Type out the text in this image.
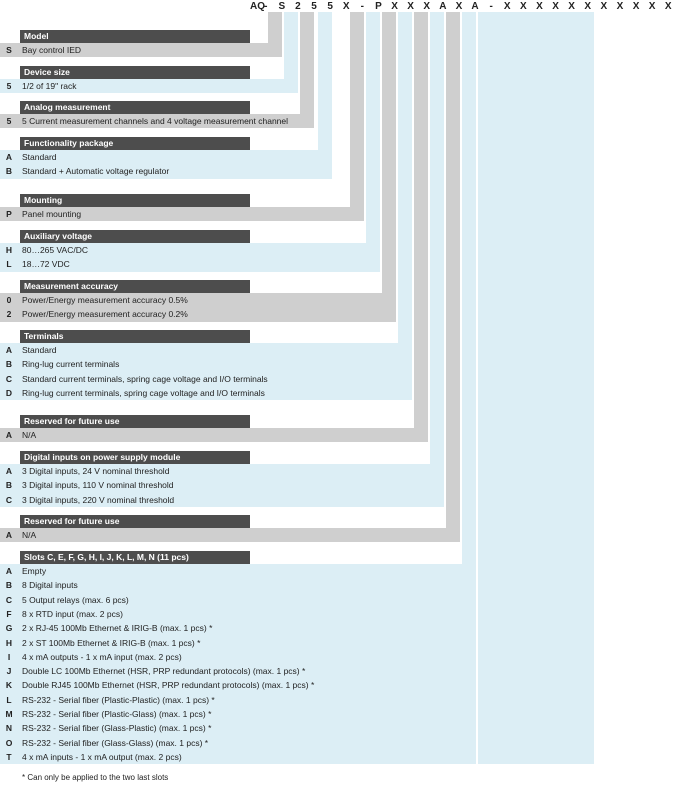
AQ -	S 2	5	5 X	-	P X X X A X A	-	X X X X X X X X X X X
Model
S	Bay control IED
Device size
5	1/2 of 19" rack
Analog measurement
5	5 Current measurement channels and 4 voltage measurement channel
Functionality package
A	Standard
B	Standard + Automatic voltage regulator
Mounting
P	Panel mounting
Auxiliary voltage
H	80…265 VAC/DC
L	18…72 VDC
Measurement accuracy
0	Power/Energy measurement accuracy 0.5%
2	Power/Energy measurement accuracy 0.2%
Terminals
A	Standard
B	Ring-lug current terminals
C	Standard current terminals, spring cage voltage and I/O terminals
D	Ring-lug current terminals, spring cage voltage and I/O terminals
Reserved for future use
A	N/A
Digital inputs on power supply module
A	3 Digital inputs, 24 V nominal threshold
B	3 Digital inputs, 110 V nominal threshold
C	3 Digital inputs, 220 V nominal threshold
Reserved for future use
A	N/A
Slots C, E, F, G, H, I, J, K, L, M, N (11 pcs)
A	Empty
B	8 Digital inputs
C	5 Output relays (max. 6 pcs)
F	8 x RTD input (max. 2 pcs)
G	2 x RJ-45 100Mb Ethernet & IRIG-B (max. 1 pcs) *
H	2 x ST 100Mb Ethernet & IRIG-B (max. 1 pcs) *
I	4 x mA outputs - 1 x mA input (max. 2 pcs)
J	Double LC 100Mb Ethernet (HSR, PRP redundant protocols) (max. 1 pcs) *
K	Double RJ45 100Mb Ethernet (HSR, PRP redundant protocols) (max. 1 pcs) *
L	RS-232 - Serial fiber (Plastic-Plastic) (max. 1 pcs) *
M	RS-232 - Serial fiber (Plastic-Glass) (max. 1 pcs) *
N	RS-232 - Serial fiber (Glass-Plastic) (max. 1 pcs) *
O	RS-232 - Serial fiber (Glass-Glass) (max. 1 pcs) *
T	4 x mA inputs - 1 x mA output (max. 2 pcs)
* Can only be applied to the two last slots
